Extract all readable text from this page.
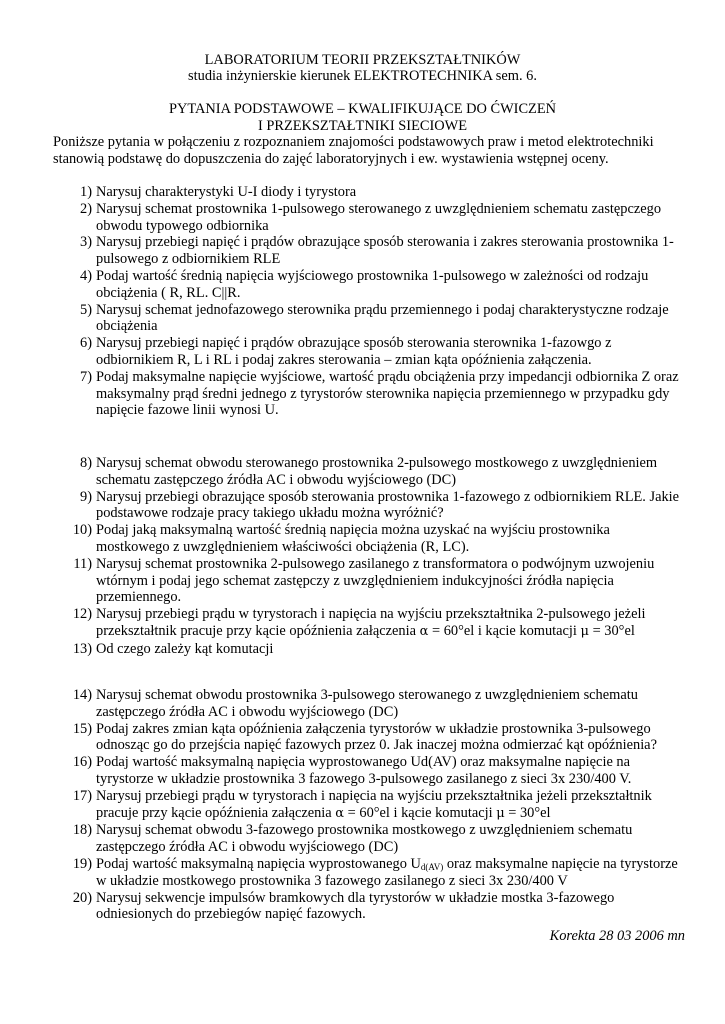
LABORATORIUM TEORII PRZEKSZTAŁTNIKÓW
studia inżynierskie kierunek ELEKTROTECHNIKA sem. 6.
PYTANIA PODSTAWOWE – KWALIFIKUJĄCE DO ĆWICZEŃ
I PRZEKSZTAŁTNIKI SIECIOWE
Poniższe pytania w połączeniu z rozpoznaniem znajomości podstawowych praw i metod elektrotechniki stanowią podstawę do dopuszczenia do zajęć laboratoryjnych i ew. wystawienia wstępnej oceny.
1) Narysuj charakterystyki U-I diody i tyrystora
2) Narysuj schemat prostownika 1-pulsowego sterowanego z uwzględnieniem schematu zastępczego obwodu typowego odbiornika
3) Narysuj przebiegi napięć i prądów obrazujące sposób sterowania i zakres sterowania prostownika 1-pulsowego z odbiornikiem RLE
4) Podaj wartość średnią napięcia wyjściowego prostownika 1-pulsowego w zależności od rodzaju obciążenia ( R, RL. C||R.
5) Narysuj schemat jednofazowego sterownika prądu przemiennego i podaj charakterystyczne rodzaje obciążenia
6) Narysuj przebiegi napięć i prądów obrazujące sposób sterowania sterownika 1-fazowgo z odbiornikiem R, L i RL i podaj zakres sterowania – zmian kąta opóźnienia załączenia.
7) Podaj maksymalne napięcie wyjściowe, wartość prądu obciążenia przy impedancji odbiornika Z oraz maksymalny prąd średni jednego z tyrystorów sterownika napięcia przemiennego w przypadku gdy napięcie fazowe linii wynosi U.
8) Narysuj schemat obwodu sterowanego prostownika 2-pulsowego mostkowego z uwzględnieniem schematu zastępczego źródła AC i obwodu wyjściowego (DC)
9) Narysuj przebiegi obrazujące sposób sterowania prostownika 1-fazowego z odbiornikiem RLE. Jakie podstawowe rodzaje pracy takiego układu można wyróżnić?
10) Podaj jaką maksymalną wartość średnią napięcia można uzyskać na wyjściu prostownika mostkowego z uwzględnieniem właściwości obciążenia (R, LC).
11) Narysuj schemat prostownika 2-pulsowego zasilanego z transformatora o podwójnym uzwojeniu wtórnym i podaj jego schemat zastępczy z uwzględnieniem indukcyjności źródła napięcia przemiennego.
12) Narysuj przebiegi prądu w tyrystorach i napięcia na wyjściu przekształtnika 2-pulsowego jeżeli przekształtnik pracuje przy kącie opóźnienia załączenia α = 60°el i kącie komutacji μ = 30°el
13) Od czego zależy kąt komutacji
14) Narysuj schemat obwodu prostownika 3-pulsowego sterowanego z uwzględnieniem schematu zastępczego źródła AC i obwodu wyjściowego (DC)
15) Podaj zakres zmian kąta opóźnienia załączenia tyrystorów w układzie prostownika 3-pulsowego odnosząc go do przejścia napięć fazowych przez 0. Jak inaczej można odmierzać kąt opóźnienia?
16) Podaj wartość maksymalną napięcia wyprostowanego Ud(AV) oraz maksymalne napięcie na tyrystorze w układzie prostownika 3 fazowego 3-pulsowego zasilanego z sieci 3x 230/400 V.
17) Narysuj przebiegi prądu w tyrystorach i napięcia na wyjściu przekształtnika jeżeli przekształtnik pracuje przy kącie opóźnienia załączenia α = 60°el i kącie komutacji μ = 30°el
18) Narysuj schemat obwodu 3-fazowego prostownika mostkowego z uwzględnieniem schematu zastępczego źródła AC i obwodu wyjściowego (DC)
19) Podaj wartość maksymalną napięcia wyprostowanego $U_{d(AV)}$ oraz maksymalne napięcie na tyrystorze w układzie mostkowego prostownika 3 fazowego zasilanego z sieci 3x 230/400 V
20) Narysuj sekwencje impulsów bramkowych dla tyrystorów w układzie mostka 3-fazowego odniesionych do przebiegów napięć fazowych.
Korekta 28 03 2006 mn
